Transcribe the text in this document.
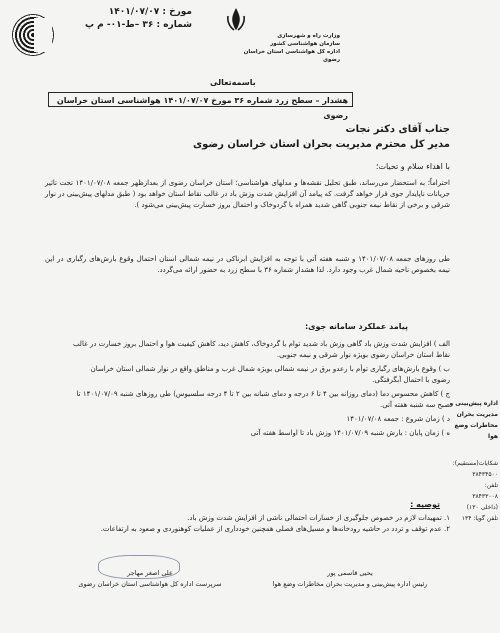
وزارت راه و شهرسازی
سازمان هواشناسی کشور
اداره کل هواشناسی استان خراسان رضوی
مورخ : ۱۴۰۱/۰۷/۰۷
شماره : ۳۶ –ط-۰۱- م پ
باسمه‌تعالی
هشدار – سطح زرد شماره ۳۶ مورخ ۱۴۰۱/۰۷/۰۷ هواشناسی استان خراسان رضوی
جناب آقای دکتر نجات
مدیر کل محترم مدیریت بحران استان خراسان رضوی
با اهداء سلام و تحیات؛
احتراماً؛ به استحضار می‌رساند، طبق تحلیل نقشه‌ها و مدلهای هواشناسی؛ استان خراسان رضوی از بعدازظهر جمعه ۱۴۰۱/۰۷/۰۸ تحت تاثیر جریانات ناپایدار جوی قرار خواهد گرفت. که پیامد آن افزایش شدت وزش باد در غالب نقاط استان خواهد بود ( طبق مدلهای پیش‌بینی در نوار شرقی و برخی از نقاط نیمه جنوبی گاهی شدید همراه با گردوخاک و احتمال بروز خسارت پیش‌بینی می‌شود ).
طی روزهای جمعه ۱۴۰۱/۰۷/۰۸ و شنبه هفته آتی با توجه به افزایش ابرناکی در نیمه شمالی استان احتمال وقوع بارش‌های رگباری در این نیمه بخصوص ناحیه شمال غرب وجود دارد. لذا هشدار شماره ۳۶ با سطح زرد به حضور ارائه می‌گردد.
پیامد عملکرد سامانه جوی:
الف ) افزایش شدت وزش باد گاهی وزش باد شدید توام با گردوخاک، کاهش دید، کاهش کیفیت هوا و احتمال بروز خسارت در غالب نقاط استان خراسان رضوی بویژه نوار شرقی و نیمه جنوبی.
ب ) وقوع بارش‌های رگباری توأم با رعدو برق در نیمه شمالی بویژه شمال غرب و مناطق واقع در نوار شمالی استان خراسان رضوی با احتمال آبگرفتگی.
ج ) کاهش محسوس دما (دمای روزانه بین ۴ تا ۶ درجه و دمای شبانه بین ۲ تا ۴ درجه سلسیوس) طی روزهای شنبه ۱۴۰۱/۰۷/۰۹ تا صبح سه شنبه هفته آتی.
د ) زمان شروع : جمعه ۱۴۰۱/۰۷/۰۸
ه ) زمان پایان : بارش شنبه ۱۴۰۱/۰۷/۰۹ وزش باد تا اواسط هفته آتی
توصیه :
۱. تمهیدات لازم در خصوص جلوگیری از خسارات احتمالی ناشی از افزایش شدت وزش باد.
۲. عدم توقف و تردد در حاشیه رودخانه‌ها و مسیل‌های فصلی همچنین خودداری از عملیات کوهنوردی و صعود به ارتفاعات.
اداره پیش‌بینی و مدیریت بحران مخاطرات وضع هوا
شکایات(مستقیم):
۳۸۴۳۴۵۰۰
تلفن:
۳۸۴۳۳۰۰۸
(داخلی ۱۳۰)
تلفن گویا: ۱۳۴
یحیی قاسمی پور
رئیس اداره پیش‌بینی و مدیریت بحران مخاطرات وضع هوا
علی اصغر مهاجر
سرپرست اداره کل هواشناسی استان خراسان رضوی
